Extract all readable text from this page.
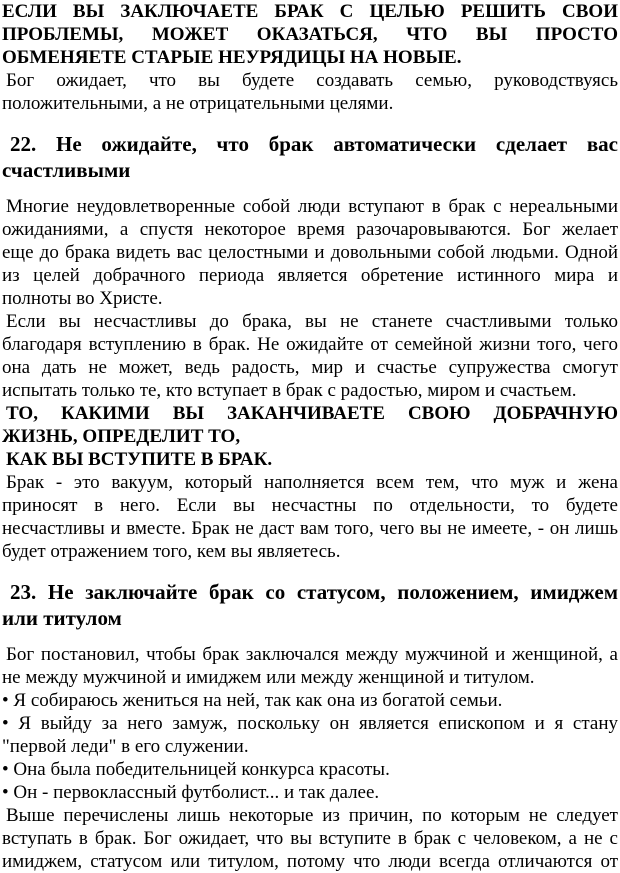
ЕСЛИ ВЫ ЗАКЛЮЧАЕТЕ БРАК С ЦЕЛЬЮ РЕШИТЬ СВОИ
ПРОБЛЕМЫ, МОЖЕТ ОКАЗАТЬСЯ, ЧТО ВЫ ПРОСТО
ОБМЕНЯЕТЕ СТАРЫЕ НЕУРЯДИЦЫ НА НОВЫЕ.
Бог ожидает, что вы будете создавать семью, руководствуясь
положительными, а не отрицательными целями.
22. Не ожидайте, что брак автоматически сделает вас
счастливыми
Многие неудовлетворенные собой люди вступают в брак с нереальными
ожиданиями, а спустя некоторое время разочаровываются. Бог желает
еще до брака видеть вас целостными и довольными собой людьми. Одной
из целей добрачного периода является обретение истинного мира и
полноты во Христе.
Если вы несчастливы до брака, вы не станете счастливыми только
благодаря вступлению в брак. Не ожидайте от семейной жизни того, чего
она дать не может, ведь радость, мир и счастье супружества смогут
испытать только те, кто вступает в брак с радостью, миром и счастьем.
ТО, КАКИМИ ВЫ ЗАКАНЧИВАЕТЕ СВОЮ ДОБРАЧНУЮ
ЖИЗНЬ, ОПРЕДЕЛИТ ТО,
КАК ВЫ ВСТУПИТЕ В БРАК.
Брак - это вакуум, который наполняется всем тем, что муж и жена
приносят в него. Если вы несчастны по отдельности, то будете
несчастливы и вместе. Брак не даст вам того, чего вы не имеете, - он лишь
будет отражением того, кем вы являетесь.
23. Не заключайте брак со статусом, положением, имиджем
или титулом
Бог постановил, чтобы брак заключался между мужчиной и женщиной, а
не между мужчиной и имиджем или между женщиной и титулом.
• Я собираюсь жениться на ней, так как она из богатой семьи.
• Я выйду за него замуж, поскольку он является епископом и я стану
"первой леди" в его служении.
• Она была победительницей конкурса красоты.
• Он - первоклассный футболист... и так далее.
Выше перечислены лишь некоторые из причин, по которым не следует
вступать в брак. Бог ожидает, что вы вступите в брак с человеком, а не с
имиджем, статусом или титулом, потому что люди всегда отличаются от
